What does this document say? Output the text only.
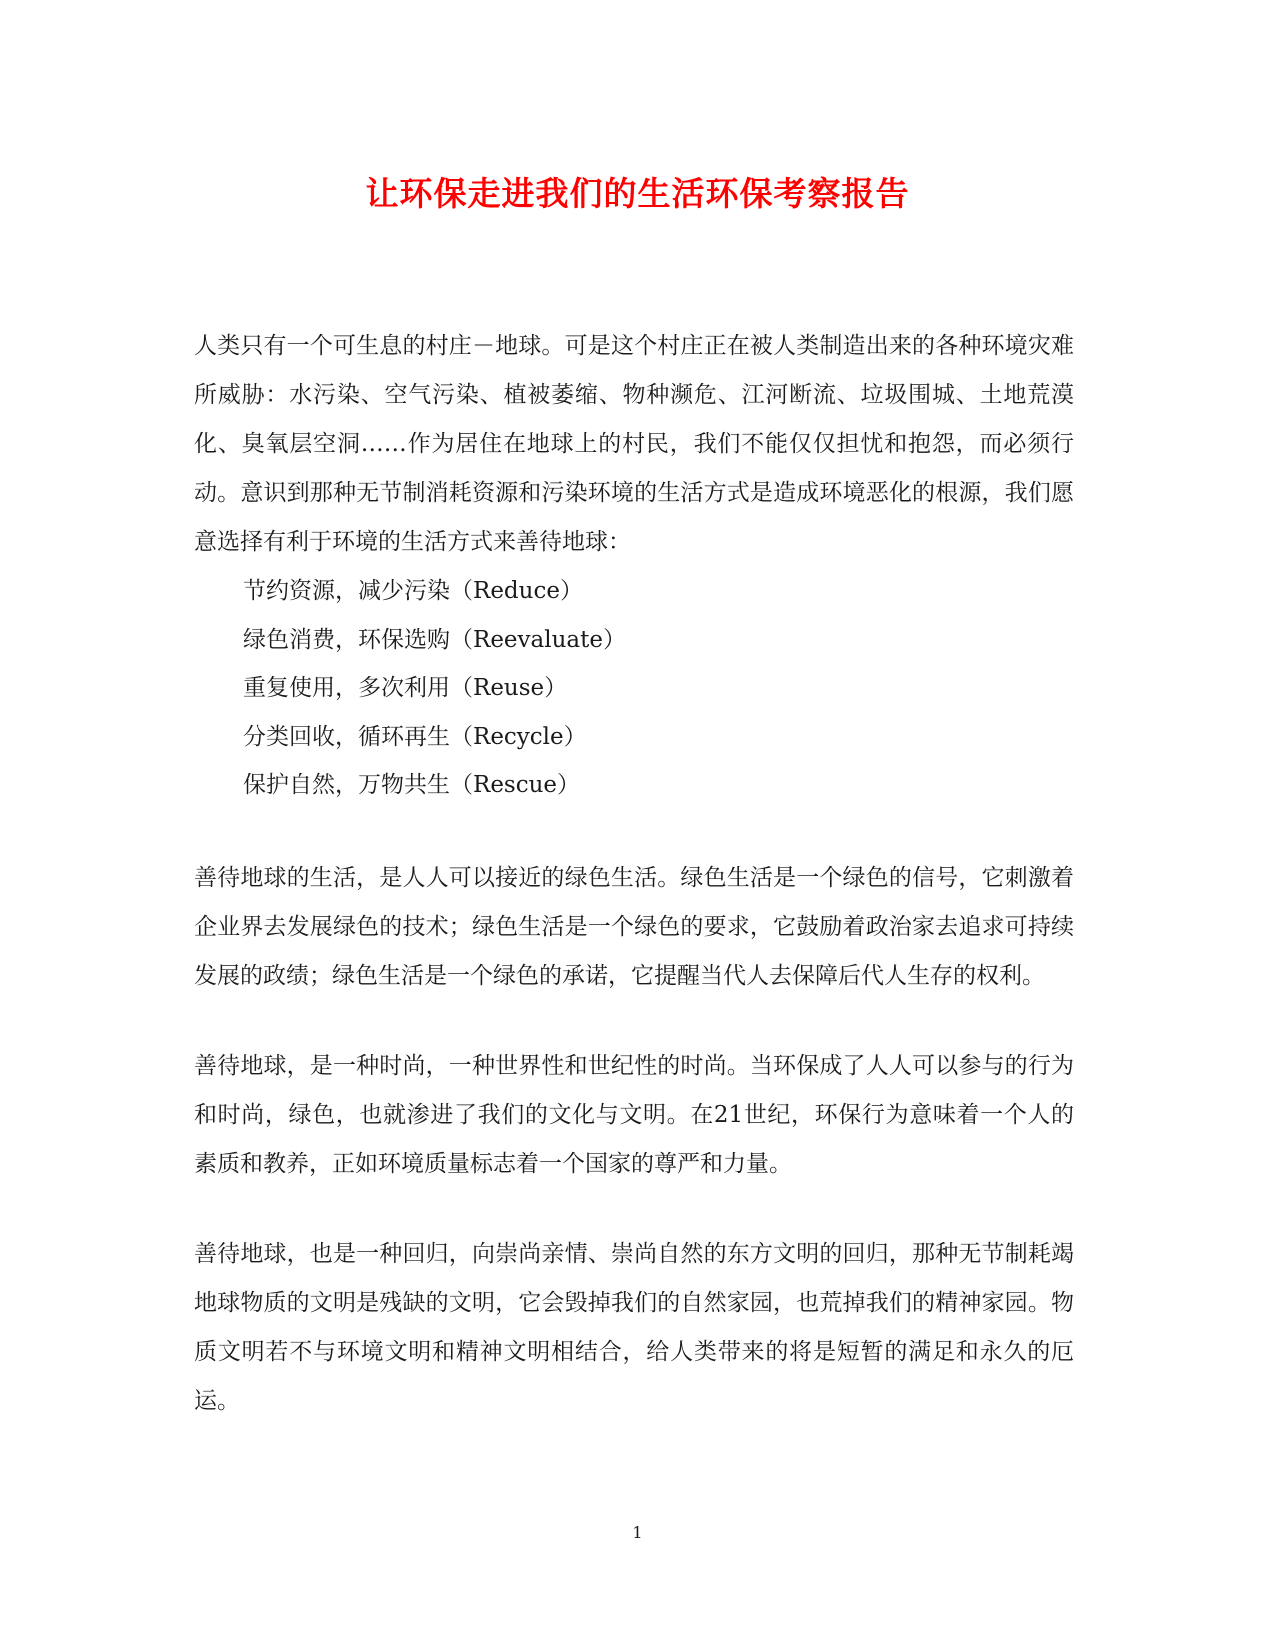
让环保走进我们的生活环保考察报告

人类只有一个可生息的村庄－地球。可是这个村庄正在被人类制造出来的各种环境灾难所威胁：水污染、空气污染、植被萎缩、物种濒危、江河断流、垃圾围城、土地荒漠化、臭氧层空洞……作为居住在地球上的村民，我们不能仅仅担忧和抱怨，而必须行动。意识到那种无节制消耗资源和污染环境的生活方式是造成环境恶化的根源，我们愿意选择有利于环境的生活方式来善待地球：

节约资源，减少污染（Reduce）
绿色消费，环保选购（Reevaluate）
重复使用，多次利用（Reuse）
分类回收，循环再生（Recycle）
保护自然，万物共生（Rescue）

善待地球的生活，是人人可以接近的绿色生活。绿色生活是一个绿色的信号，它刺激着企业界去发展绿色的技术；绿色生活是一个绿色的要求，它鼓励着政治家去追求可持续发展的政绩；绿色生活是一个绿色的承诺，它提醒当代人去保障后代人生存的权利。

善待地球，是一种时尚，一种世界性和世纪性的时尚。当环保成了人人可以参与的行为和时尚，绿色，也就渗进了我们的文化与文明。在21世纪，环保行为意味着一个人的素质和教养，正如环境质量标志着一个国家的尊严和力量。

善待地球，也是一种回归，向崇尚亲情、崇尚自然的东方文明的回归，那种无节制耗竭地球物质的文明是残缺的文明，它会毁掉我们的自然家园，也荒掉我们的精神家园。物质文明若不与环境文明和精神文明相结合，给人类带来的将是短暂的满足和永久的厄运。

1
